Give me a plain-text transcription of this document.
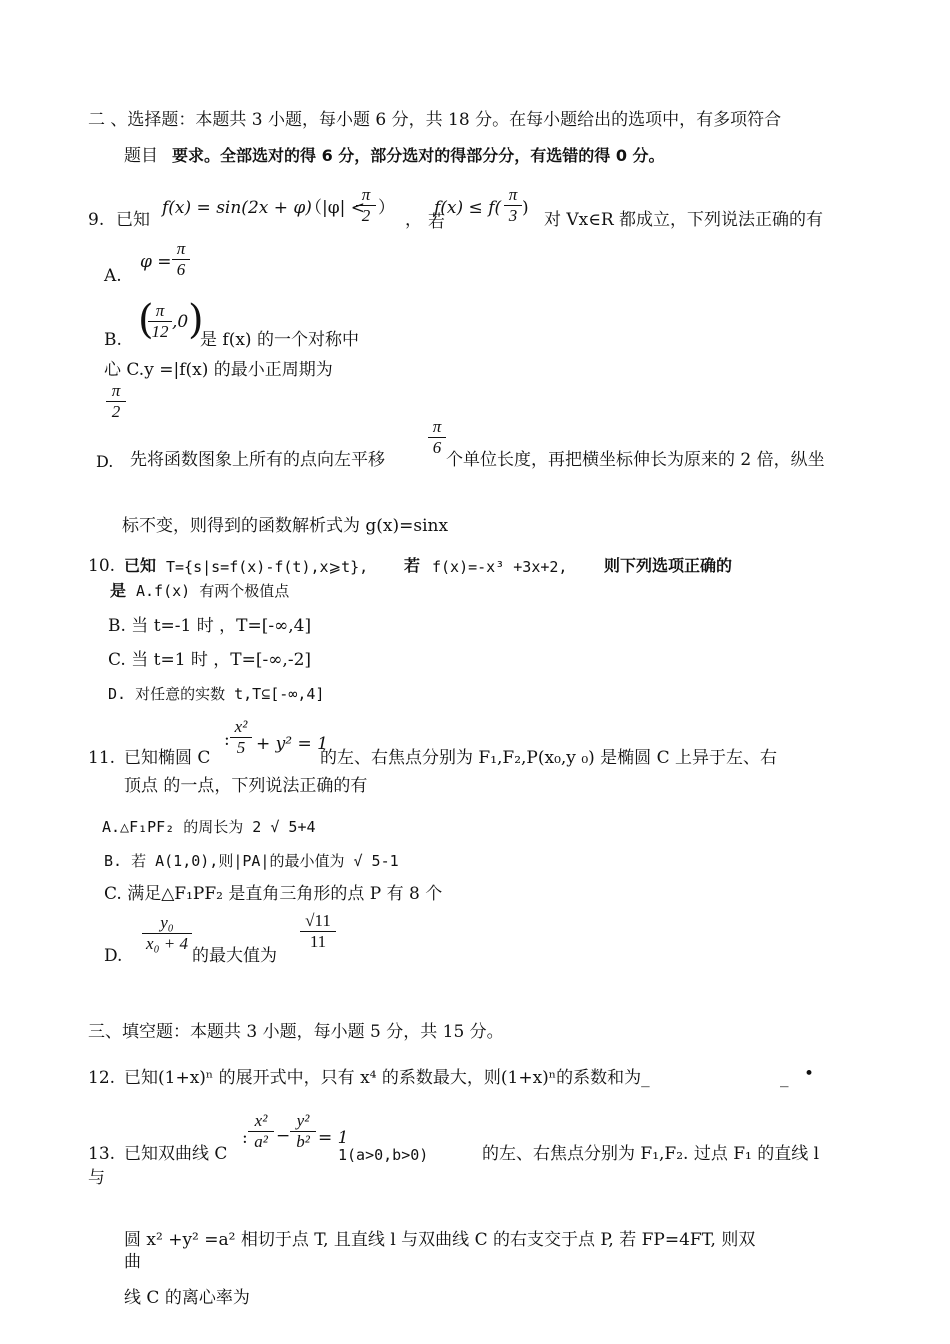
二 、选择题：本题共 3 小题，每小题 6 分，共 18 分。在每小题给出的选项中，有多项符合
题目 要求。全部选对的得 6 分，部分选对的得部分分，有选错的得 0 分。
9. 已知
f(x) = sin(2x + φ)
（|φ| <
$\frac{\pi}{2}$ ）
， 若
$f(x) \le f( \frac{\pi}{3}$ )
对 Vx∈R 都成立，下列说法正确的有
A.
$\varphi = \frac{\pi}{6}$
B. (
$\frac{\pi}{12} ,0$ )
是 f(x) 的一个对称中
心 C.y =|f(x) 的最小正周期为
$\frac{\pi}{2}$
D. 先将函数图象上所有的点向左平移
$\frac{\pi}{6}$
个单位长度，再把横坐标伸长为原来的 2 倍，纵坐
标不变，则得到的函数解析式为 g(x)=sinx
10. 已知 T={s|s=f(x)-f(t),x⩾t}, 若 f(x)=-x³ +3x+2, 则下列选项正确的
是 A.f(x) 有两个极值点
B. 当 t=-1 时 ，T=[-∞,4]
C. 当 t=1 时 ，T=[-∞,-2]
D. 对任意的实数 t,T⊆[-∞,4]
11. 已知椭圆 C
: $\frac{\text{x²}}{5} + y^2 = 1$
的左、右焦点分别为 F₁,F₂,P(x₀,y ₀) 是椭圆 C 上异于左、右
顶点 的一点，下列说法正确的有
A.△F₁PF₂ 的周长为 2 √ 5+4
B. 若 A(1,0),则|PA|的最小值为 √ 5-1
C. 满足△F₁PF₂ 是直角三角形的点 P 有 8 个
D.
$\frac{\text{y₀}}{\text{x₀ + 4}}$
的最大值为
$\frac{√11}{11}$
三、填空题：本题共 3 小题，每小题 5 分，共 15 分。
12. 已知(1+x)ⁿ 的展开式中，只有 x⁴ 的系数最大，则(1+x)ⁿ的系数和为_	_ •
13. 已知双曲线 C
: $\frac{\text{x²}}{\text{a²}} - \frac{\text{y²}}{\text{b²}} = 1$
1(a>0,b>0)	的左、右焦点分别为 F₁,F₂. 过点 F₁ 的直线 l
与
圆 x² +y² =a² 相切于点 T, 且直线 l 与双曲线 C 的右支交于点 P, 若 FP=4FT, 则双
曲
线 C 的离心率为
